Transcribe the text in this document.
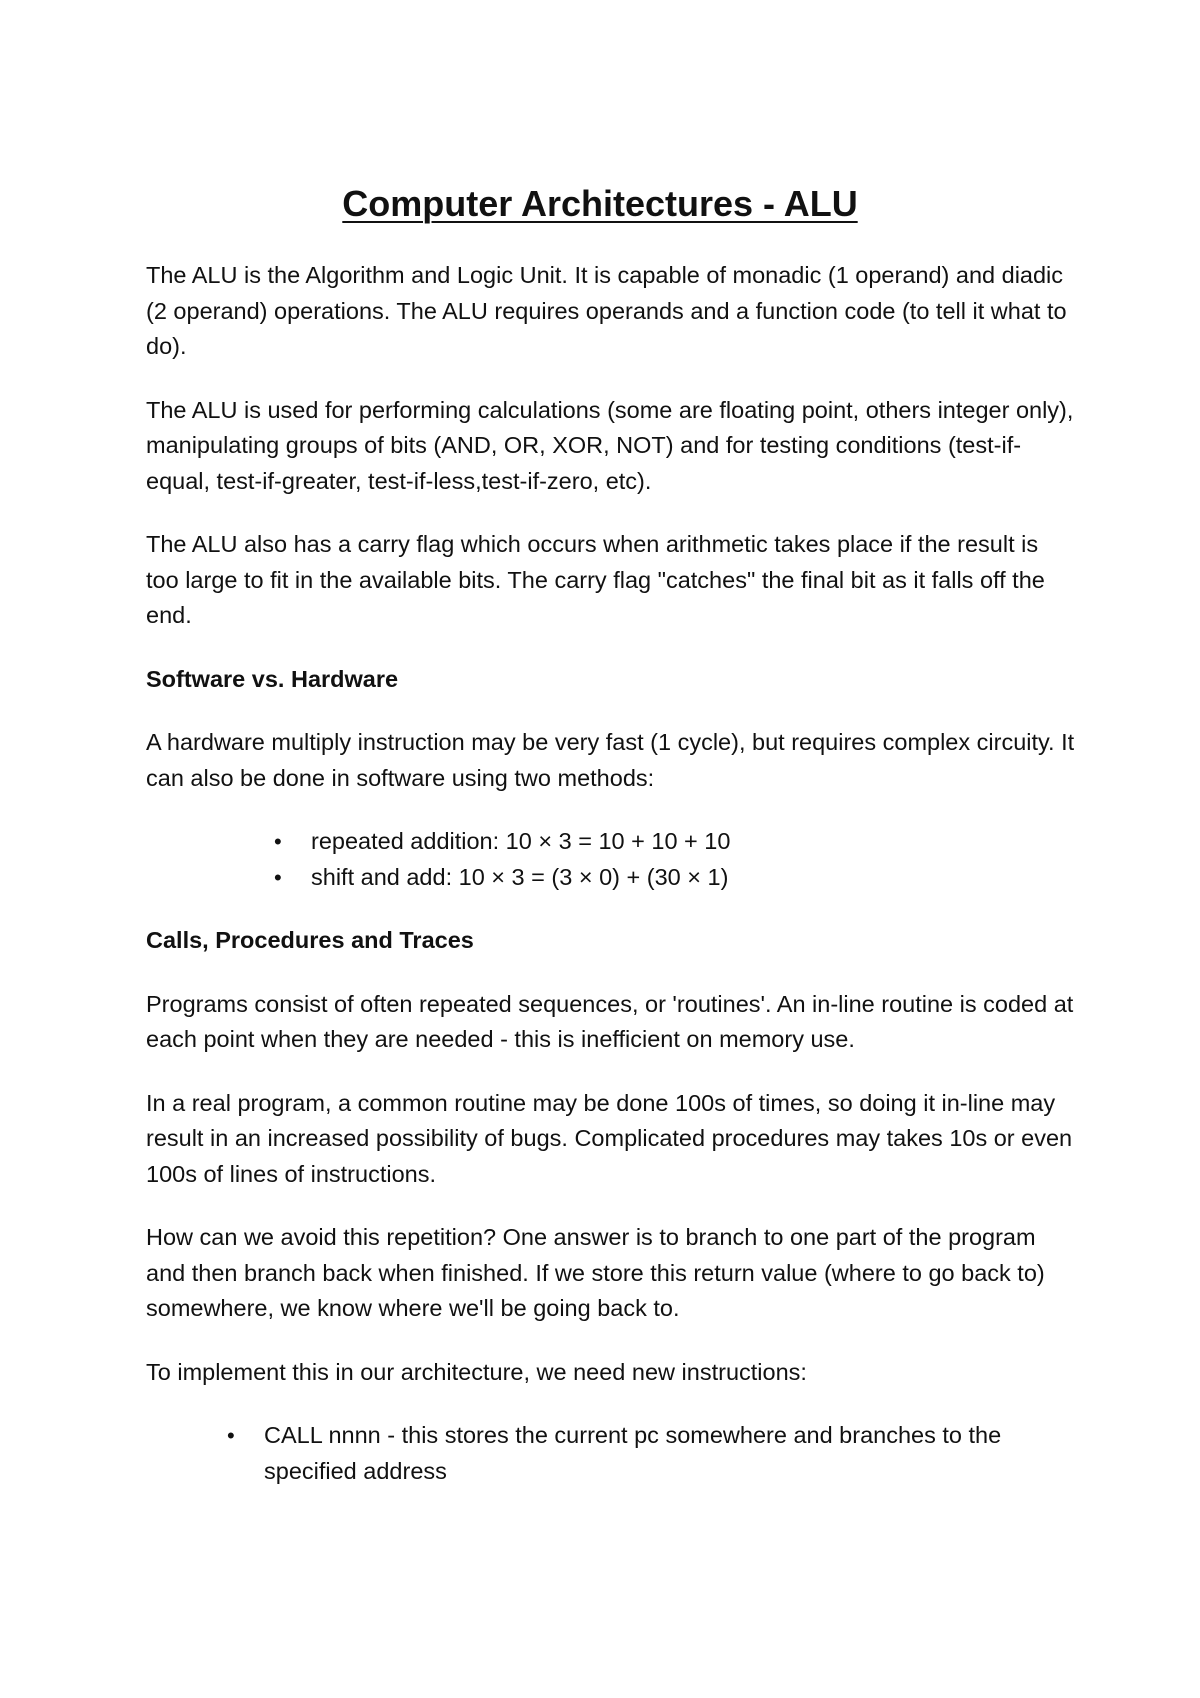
Computer Architectures - ALU

The ALU is the Algorithm and Logic Unit. It is capable of monadic (1 operand) and diadic (2 operand) operations. The ALU requires operands and a function code (to tell it what to do).

The ALU is used for performing calculations (some are floating point, others integer only), manipulating groups of bits (AND, OR, XOR, NOT) and for testing conditions (test-if-equal, test-if-greater, test-if-less,test-if-zero, etc).

The ALU also has a carry flag which occurs when arithmetic takes place if the result is too large to fit in the available bits. The carry flag "catches" the final bit as it falls off the end.

Software vs. Hardware

A hardware multiply instruction may be very fast (1 cycle), but requires complex circuity. It can also be done in software using two methods:

• repeated addition: 10 × 3 = 10 + 10 + 10
• shift and add: 10 × 3 = (3 × 0) + (30 × 1)
Calls, Procedures and Traces

Programs consist of often repeated sequences, or 'routines'. An in-line routine is coded at each point when they are needed - this is inefficient on memory use.

In a real program, a common routine may be done 100s of times, so doing it in-line may result in an increased possibility of bugs. Complicated procedures may takes 10s or even 100s of lines of instructions.

How can we avoid this repetition? One answer is to branch to one part of the program and then branch back when finished. If we store this return value (where to go back to) somewhere, we know where we'll be going back to.

To implement this in our architecture, we need new instructions:

• CALL nnnn - this stores the current pc somewhere and branches to the specified address
